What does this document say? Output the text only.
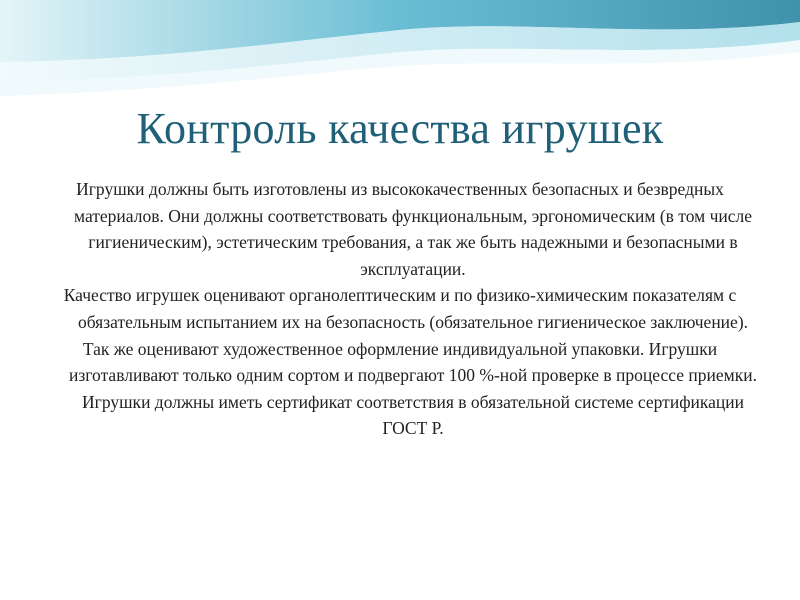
Контроль качества игрушек

Игрушки должны быть изготовлены из высококачественных безопасных и безвредных материалов. Они должны соответствовать функциональным, эргономическим (в том числе гигиеническим), эстетическим требования, а так же быть надежными и безопасными в эксплуатации.

Качество игрушек оценивают органолептическим и по физико-химическим показателям с обязательным испытанием их на безопасность (обязательное гигиеническое заключение).

Так же оценивают художественное оформление индивидуальной упаковки. Игрушки изготавливают только одним сортом и подвергают 100 %-ной проверке в процессе приемки. Игрушки должны иметь сертификат соответствия в обязательной системе сертификации ГОСТ Р.
